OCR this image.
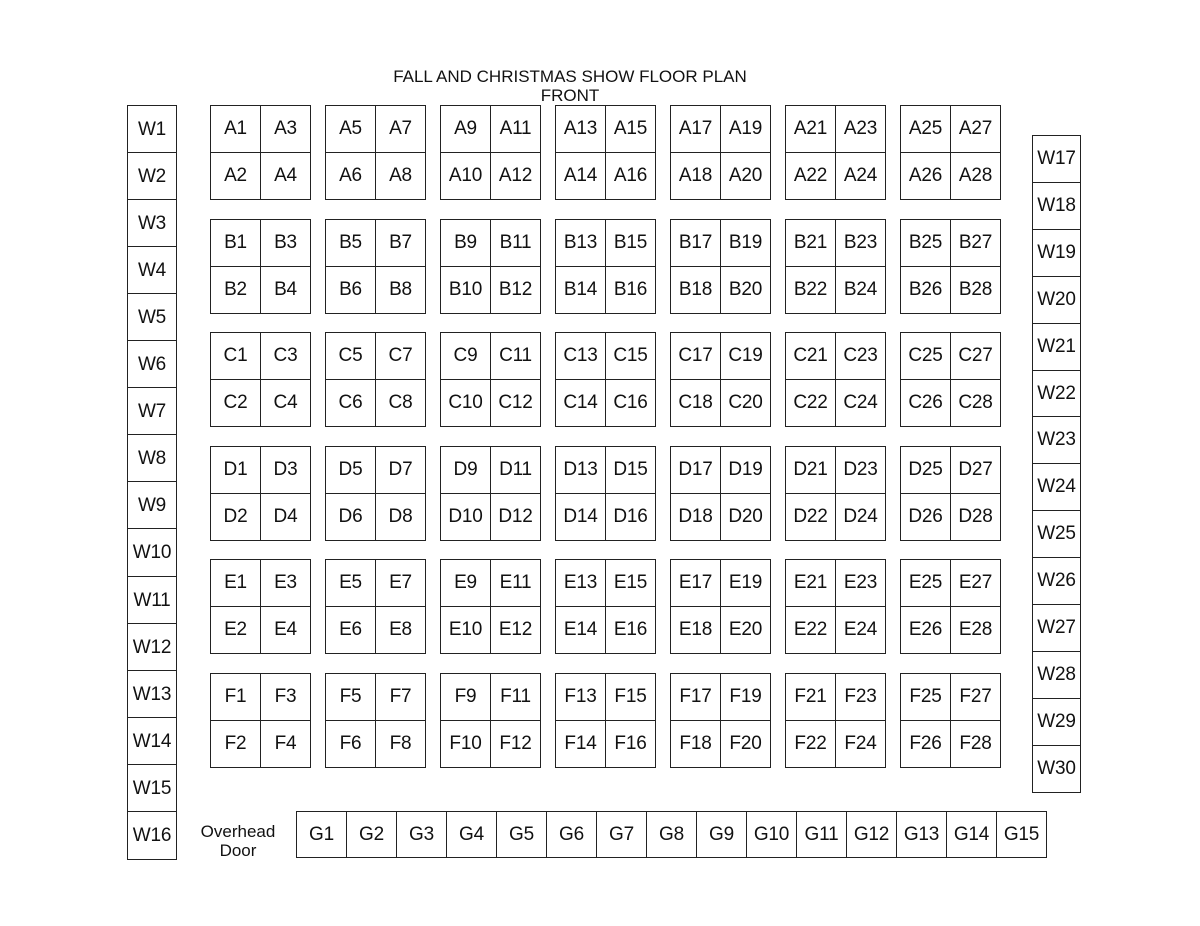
FALL AND CHRISTMAS SHOW FLOOR PLAN
FRONT
Overhead Door
A1	A3
A2	A4
A5	A7
A6	A8
A9	A11
A10 A12
A13 A15
A14 A16
A17 A19
A18 A20
A21 A23
A22 A24
A25 A27
A26 A28
B1	B3
B2	B4
B5	B7
B6	B8
B9	B11
B10 B12
B13 B15
B14 B16
B17 B19
B18 B20
B21 B23
B22 B24
B25 B27
B26 B28
C1	C3
C2	C4
C5	C7
C6	C8
C9	C11
C10 C12
C13 C15
C14 C16
C17 C19
C18 C20
C21 C23
C22 C24
C25 C27
C26 C28
D1	D3
D2	D4
D5	D7
D6	D8
D9	D11
D10 D12
D13 D15
D14 D16
D17 D19
D18 D20
D21 D23
D22 D24
D25 D27
D26 D28
E1	E3
E2	E4
E5	E7
E6	E8
E9	E11
E10 E12
E13 E15
E14 E16
E17 E19
E18 E20
E21 E23
E22 E24
E25 E27
E26 E28
F1	F3
F2	F4
F5	F7
F6	F8
F9	F11
F10 F12
F13 F15
F14 F16
F17 F19
F18 F20
F21 F23
F22 F24
F25 F27
F26 F28
W1
W2
W3
W4
W5
W6
W7
W8
W9
W10
W11
W12
W13
W14
W15
W16
W17
W18
W19
W20
W21
W22
W23
W24
W25
W26
W27
W28
W29
W30
G1	G2	G3	G4	G5	G6	G7	G8	G9	G10 G11 G12 G13 G14 G15
